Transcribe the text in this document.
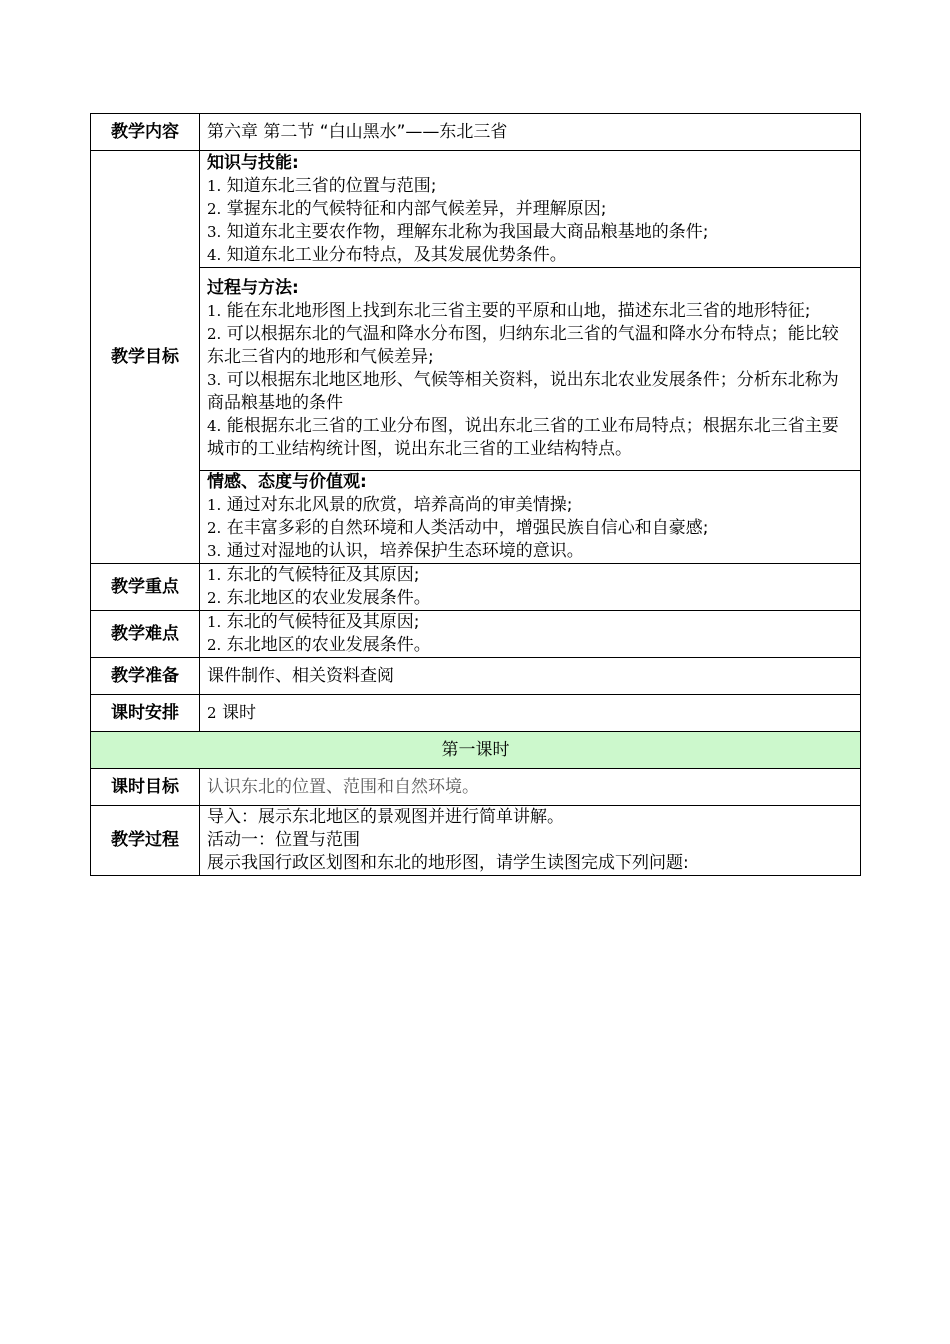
教学内容	第六章 第二节 “白山黑水”——东北三省
教学目标	知识与技能:
1. 知道东北三省的位置与范围;
2. 掌握东北的气候特征和内部气候差异，并理解原因;
3. 知道东北主要农作物，理解东北称为我国最大商品粮基地的条件;
4. 知道东北工业分布特点，及其发展优势条件。

	过程与方法:
1. 能在东北地形图上找到东北三省主要的平原和山地，描述东北三省的地形特征;
2. 可以根据东北的气温和降水分布图，归纳东北三省的气温和降水分布特点；能比较东北三省内的地形和气候差异;
3. 可以根据东北地区地形、气候等相关资料，说出东北农业发展条件；分析东北称为商品粮基地的条件
4. 能根据东北三省的工业分布图，说出东北三省的工业布局特点；根据东北三省主要城市的工业结构统计图，说出东北三省的工业结构特点。

	情感、态度与价值观:
1. 通过对东北风景的欣赏，培养高尚的审美情操;
2. 在丰富多彩的自然环境和人类活动中，增强民族自信心和自豪感;
3. 通过对湿地的认识，培养保护生态环境的意识。

教学重点	1. 东北的气候特征及其原因;
2. 东北地区的农业发展条件。

教学难点	1. 东北的气候特征及其原因;
2. 东北地区的农业发展条件。

教学准备	课件制作、相关资料查阅
课时安排	2 课时
第一课时	
课时目标	认识东北的位置、范围和自然环境。
教学过程	导入：展示东北地区的景观图并进行简单讲解。
活动一：位置与范围
展示我国行政区划图和东北的地形图，请学生读图完成下列问题:
